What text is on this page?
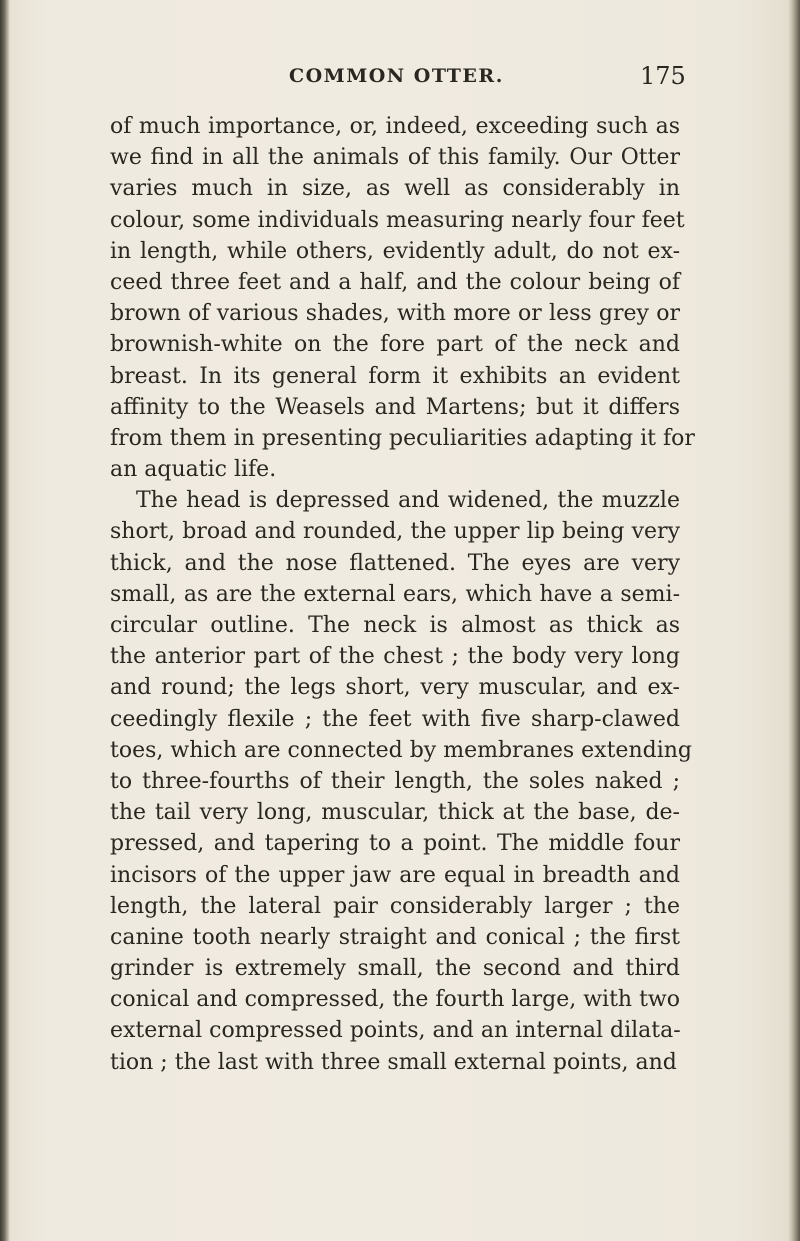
COMMON OTTER.	175
of much importance, or, indeed, exceeding such as
we find in all the animals of this family. Our Otter
varies much in size, as well as considerably in
colour, some individuals measuring nearly four feet
in length, while others, evidently adult, do not ex-
ceed three feet and a half, and the colour being of
brown of various shades, with more or less grey or
brownish-white on the fore part of the neck and
breast. In its general form it exhibits an evident
affinity to the Weasels and Martens; but it differs
from them in presenting peculiarities adapting it for
an aquatic life.
The head is depressed and widened, the muzzle
short, broad and rounded, the upper lip being very
thick, and the nose flattened. The eyes are very
small, as are the external ears, which have a semi-
circular outline. The neck is almost as thick as
the anterior part of the chest ; the body very long
and round; the legs short, very muscular, and ex-
ceedingly flexile ; the feet with five sharp-clawed
toes, which are connected by membranes extending
to three-fourths of their length, the soles naked ;
the tail very long, muscular, thick at the base, de-
pressed, and tapering to a point. The middle four
incisors of the upper jaw are equal in breadth and
length, the lateral pair considerably larger ; the
canine tooth nearly straight and conical ; the first
grinder is extremely small, the second and third
conical and compressed, the fourth large, with two
external compressed points, and an internal dilata-
tion ; the last with three small external points, and
